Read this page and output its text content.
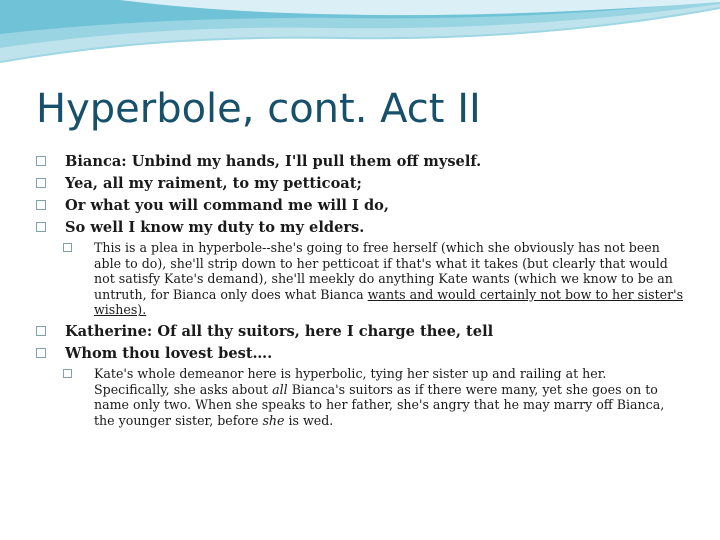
Hyperbole, cont. Act II
Bianca: Unbind my hands, I'll pull them off myself.
Yea, all my raiment, to my petticoat;
Or what you will command me will I do,
So well I know my duty to my elders.
This is a plea in hyperbole--she's going to free herself (which she obviously has not been able to do), she'll strip down to her petticoat if that's what it takes (but clearly that would not satisfy Kate's demand), she'll meekly do anything Kate wants (which we know to be an untruth, for Bianca only does what Bianca wants and would certainly not bow to her sister's wishes).
Katherine: Of all thy suitors, here I charge thee, tell
Whom thou lovest best….
Kate's whole demeanor here is hyperbolic, tying her sister up and railing at her. Specifically, she asks about all Bianca's suitors as if there were many, yet she goes on to name only two. When she speaks to her father, she's angry that he may marry off Bianca, the younger sister, before she is wed.
